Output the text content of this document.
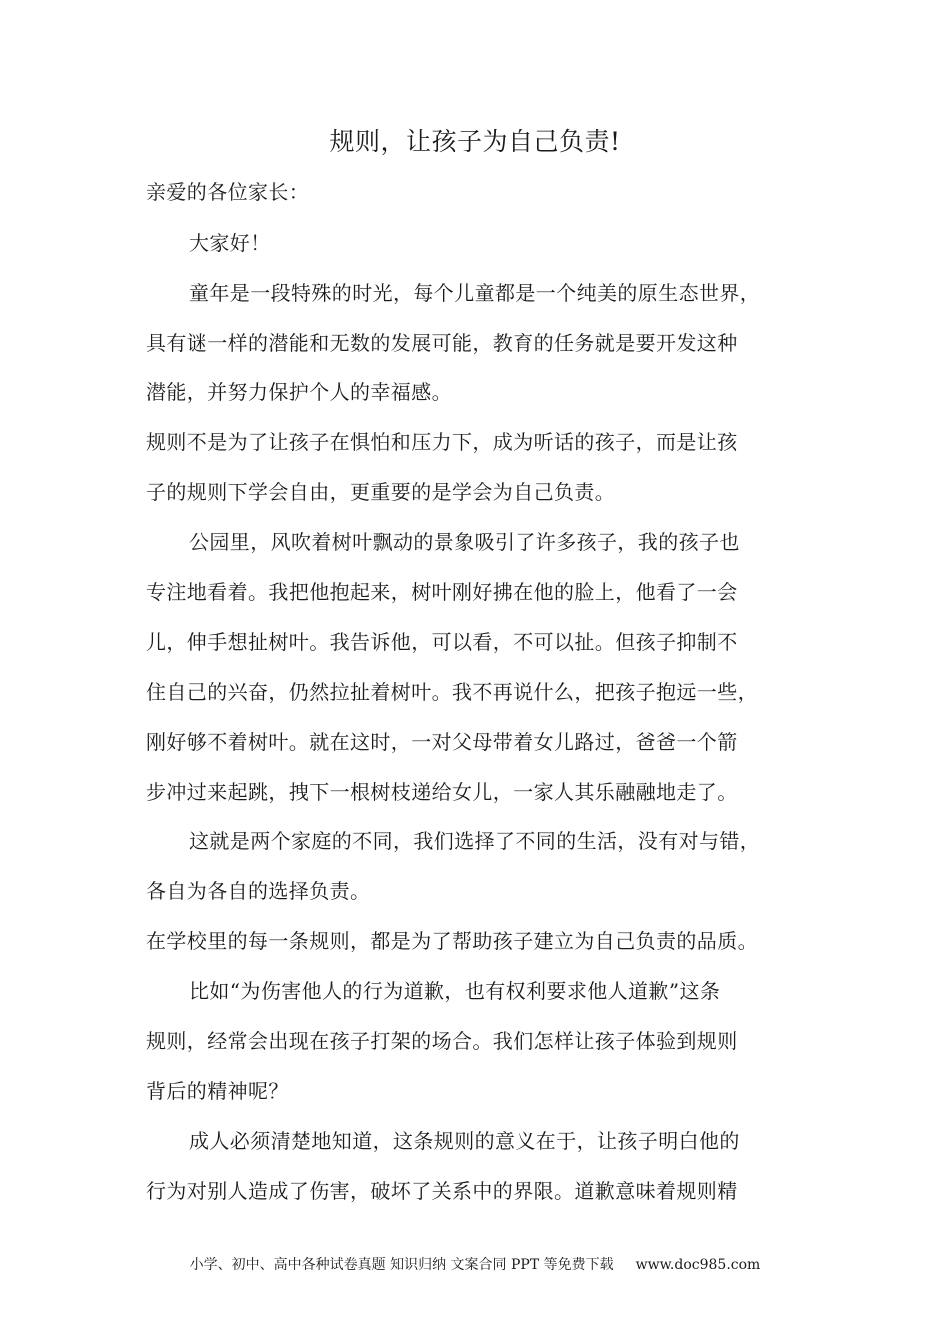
规则，让孩子为自己负责!
亲爱的各位家长：
大家好！
童年是一段特殊的时光，每个儿童都是一个纯美的原生态世界，
具有谜一样的潜能和无数的发展可能，教育的任务就是要开发这种
潜能，并努力保护个人的幸福感。
规则不是为了让孩子在惧怕和压力下，成为听话的孩子，而是让孩
子的规则下学会自由，更重要的是学会为自己负责。
公园里，风吹着树叶飘动的景象吸引了许多孩子，我的孩子也
专注地看着。我把他抱起来，树叶刚好拂在他的脸上，他看了一会
儿，伸手想扯树叶。我告诉他，可以看，不可以扯。但孩子抑制不
住自己的兴奋，仍然拉扯着树叶。我不再说什么，把孩子抱远一些，
刚好够不着树叶。就在这时，一对父母带着女儿路过，爸爸一个箭
步冲过来起跳，拽下一根树枝递给女儿，一家人其乐融融地走了。
这就是两个家庭的不同，我们选择了不同的生活，没有对与错，
各自为各自的选择负责。
在学校里的每一条规则，都是为了帮助孩子建立为自己负责的品质。
比如“为伤害他人的行为道歉，也有权利要求他人道歉”这条
规则，经常会出现在孩子打架的场合。我们怎样让孩子体验到规则
背后的精神呢？
成人必须清楚地知道，这条规则的意义在于，让孩子明白他的
行为对别人造成了伤害，破坏了关系中的界限。道歉意味着规则精
小学、初中、高中各种试卷真题 知识归纳 文案合同 PPT 等免费下载 www.doc985.com
